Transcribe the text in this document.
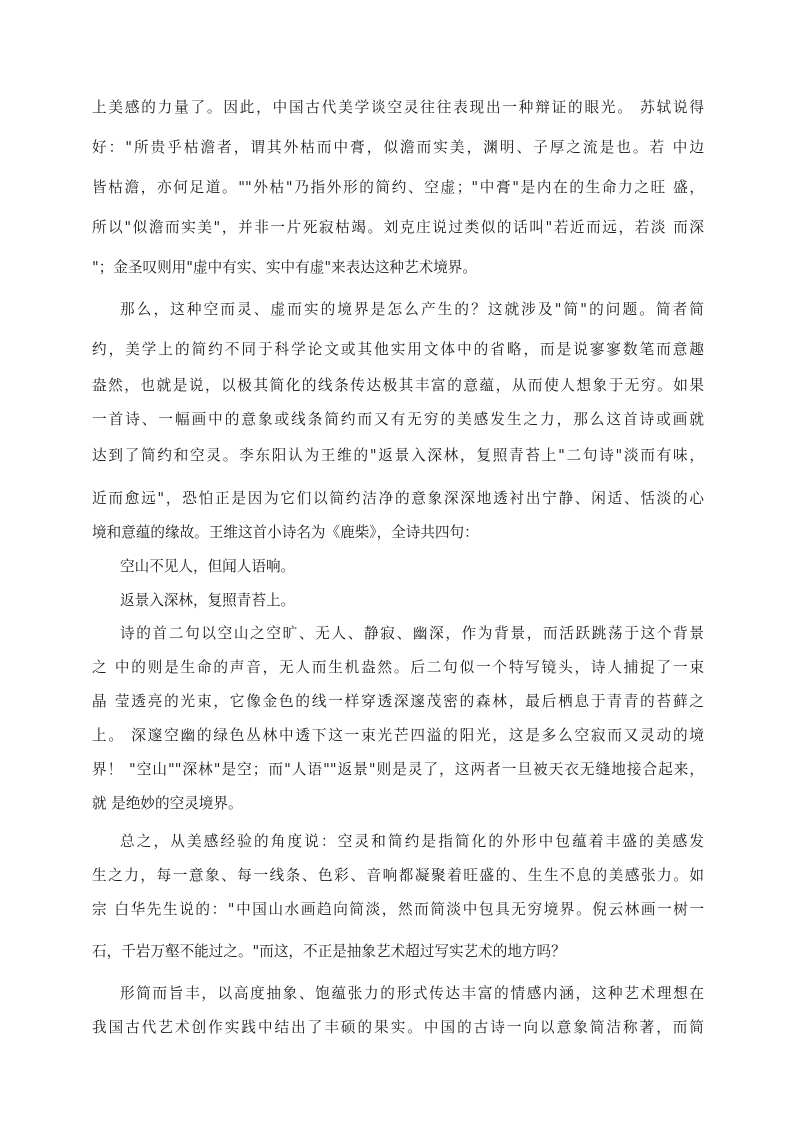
上美感的力量了。因此，中国古代美学谈空灵往往表现出一种辩证的眼光。 苏轼说得

好："所贵乎枯澹者，谓其外枯而中膏，似澹而实美，渊明、子厚之流是也。若 中边

皆枯澹，亦何足道。""外枯"乃指外形的简约、空虚；"中膏"是内在的生命力之旺 盛，

所以"似澹而实美"，并非一片死寂枯竭。刘克庄说过类似的话叫"若近而远，若淡 而深

"；金圣叹则用"虚中有实、实中有虚"来表达这种艺术境界。

那么，这种空而灵、虚而实的境界是怎么产生的？这就涉及"简"的问题。简者简

约，美学上的简约不同于科学论文或其他实用文体中的省略，而是说寥寥数笔而意趣

盎然，也就是说，以极其简化的线条传达极其丰富的意蕴，从而使人想象于无穷。如果

一首诗、一幅画中的意象或线条简约而又有无穷的美感发生之力，那么这首诗或画就

达到了简约和空灵。李东阳认为王维的"返景入深林，复照青苔上"二句诗"淡而有味，

近而愈远"，恐怕正是因为它们以简约洁净的意象深深地透衬出宁静、闲适、恬淡的心

境和意蕴的缘故。王维这首小诗名为《鹿柴》，全诗共四句：

空山不见人，但闻人语响。

返景入深林，复照青苔上。

诗的首二句以空山之空旷、无人、静寂、幽深，作为背景，而活跃跳荡于这个背景

之 中的则是生命的声音，无人而生机盎然。后二句似一个特写镜头，诗人捕捉了一束

晶 莹透亮的光束，它像金色的线一样穿透深邃茂密的森林，最后栖息于青青的苔藓之

上。 深邃空幽的绿色丛林中透下这一束光芒四溢的阳光，这是多么空寂而又灵动的境

界！ "空山""深林"是空；而"人语""返景"则是灵了，这两者一旦被天衣无缝地接合起来，

就 是绝妙的空灵境界。

总之，从美感经验的角度说：空灵和简约是指简化的外形中包蕴着丰盛的美感发

生之力，每一意象、每一线条、色彩、音响都凝聚着旺盛的、生生不息的美感张力。如

宗 白华先生说的："中国山水画趋向简淡，然而简淡中包具无穷境界。倪云林画一树一

石，千岩万壑不能过之。"而这，不正是抽象艺术超过写实艺术的地方吗？

形简而旨丰，以高度抽象、饱蕴张力的形式传达丰富的情感内涵，这种艺术理想在

我国古代艺术创作实践中结出了丰硕的果实。中国的古诗一向以意象简洁称著，而简
